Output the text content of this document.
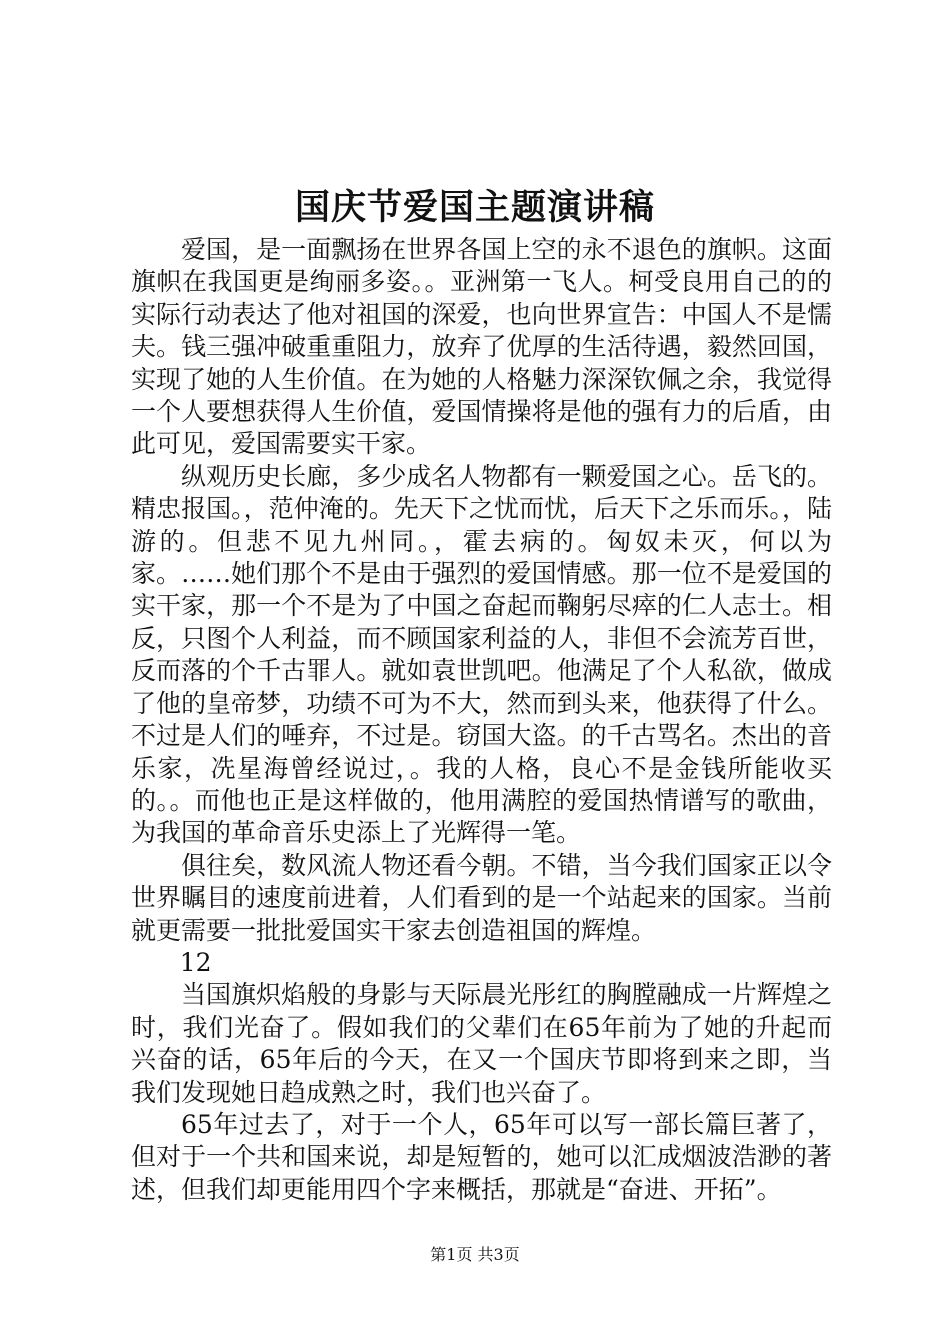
国庆节爱国主题演讲稿

爱国，是一面飘扬在世界各国上空的永不退色的旗帜。这面旗帜在我国更是绚丽多姿。。亚洲第一飞人。柯受良用自己的的实际行动表达了他对祖国的深爱，也向世界宣告：中国人不是懦夫。钱三强冲破重重阻力，放弃了优厚的生活待遇，毅然回国，实现了她的人生价值。在为她的人格魅力深深钦佩之余，我觉得一个人要想获得人生价值，爱国情操将是他的强有力的后盾，由此可见，爱国需要实干家。

纵观历史长廊，多少成名人物都有一颗爱国之心。岳飞的。精忠报国。，范仲淹的。先天下之忧而忧，后天下之乐而乐。，陆游的。但悲不见九州同。，霍去病的。匈奴未灭，何以为家。……她们那个不是由于强烈的爱国情感。那一位不是爱国的实干家，那一个不是为了中国之奋起而鞠躬尽瘁的仁人志士。相反，只图个人利益，而不顾国家利益的人，非但不会流芳百世，反而落的个千古罪人。就如袁世凯吧。他满足了个人私欲，做成了他的皇帝梦，功绩不可为不大，然而到头来，他获得了什么。不过是人们的唾弃，不过是。窃国大盗。的千古骂名。杰出的音乐家，冼星海曾经说过，。我的人格，良心不是金钱所能收买的。。而他也正是这样做的，他用满腔的爱国热情谱写的歌曲，为我国的革命音乐史添上了光辉得一笔。

俱往矣，数风流人物还看今朝。不错，当今我们国家正以令世界瞩目的速度前进着，人们看到的是一个站起来的国家。当前就更需要一批批爱国实干家去创造祖国的辉煌。

12

当国旗炽焰般的身影与天际晨光彤红的胸膛融成一片辉煌之时，我们光奋了。假如我们的父辈们在65年前为了她的升起而兴奋的话，65年后的今天，在又一个国庆节即将到来之即，当我们发现她日趋成熟之时，我们也兴奋了。

65年过去了，对于一个人，65年可以写一部长篇巨著了，但对于一个共和国来说，却是短暂的，她可以汇成烟波浩渺的著述，但我们却更能用四个字来概括，那就是“奋进、开拓”。

第1页 共3页
